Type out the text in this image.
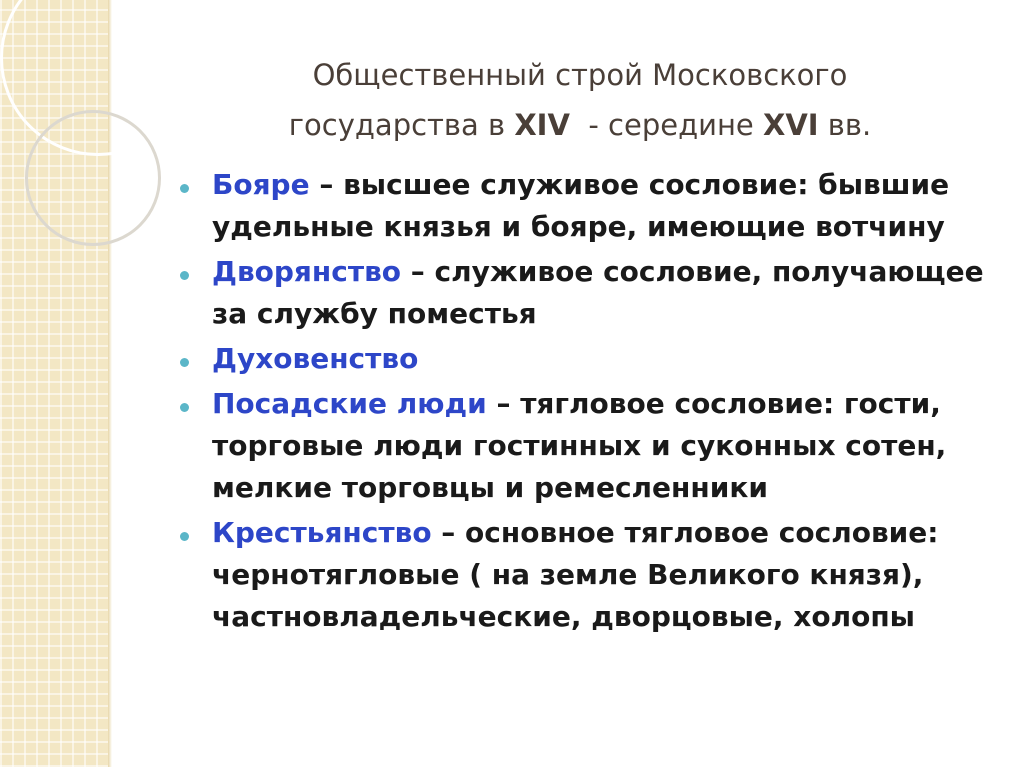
Общественный строй Московского
государства в XIV  - середине XVI вв.
Бояре – высшее служивое сословие: бывшие удельные князья и бояре, имеющие вотчину
Дворянство – служивое сословие, получающее за службу поместья
Духовенство
Посадские люди – тягловое сословие: гости, торговые люди гостинных и суконных сотен, мелкие торговцы и ремесленники
Крестьянство – основное тягловое сословие: чернотягловые ( на земле Великого князя), частновладельческие, дворцовые, холопы
